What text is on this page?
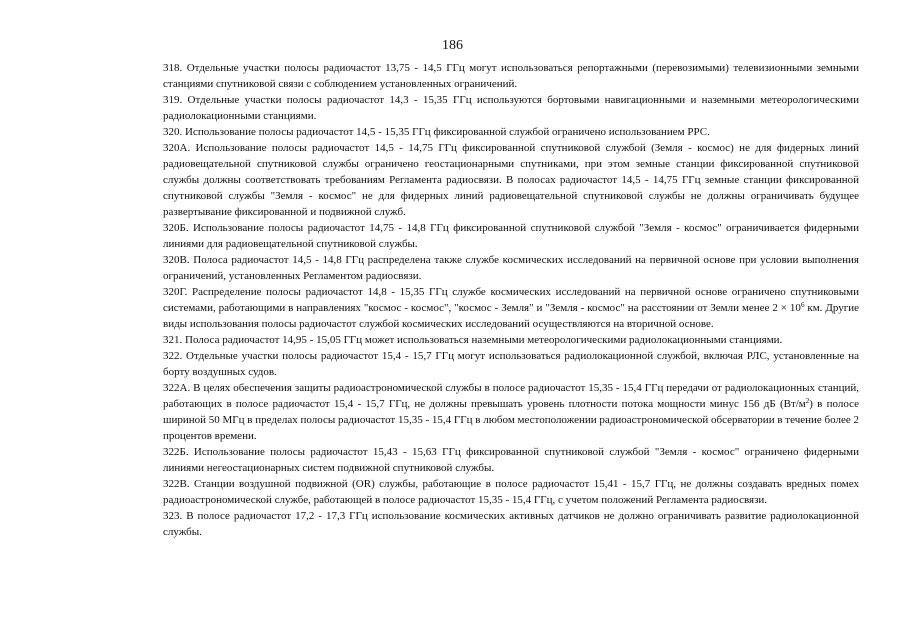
186

318. Отдельные участки полосы радиочастот 13,75 - 14,5 ГГц могут использоваться репортажными (перевозимыми) телевизионными земными станциями спутниковой связи с соблюдением установленных ограничений.

319. Отдельные участки полосы радиочастот 14,3 - 15,35 ГГц используются бортовыми навигационными и наземными метеорологическими радиолокационными станциями.

320. Использование полосы радиочастот 14,5 - 15,35 ГГц фиксированной службой ограничено использованием РРС.

320А. Использование полосы радиочастот 14,5 - 14,75 ГГц фиксированной спутниковой службой (Земля - космос) не для фидерных линий радиовещательной спутниковой службы ограничено геостационарными спутниками, при этом земные станции фиксированной спутниковой службы должны соответствовать требованиям Регламента радиосвязи. В полосах радиочастот 14,5 - 14,75 ГГц земные станции фиксированной спутниковой службы "Земля - космос" не для фидерных линий радиовещательной спутниковой службы не должны ограничивать будущее развертывание фиксированной и подвижной служб.

320Б. Использование полосы радиочастот 14,75 - 14,8 ГГц фиксированной спутниковой службой "Земля - космос" ограничивается фидерными линиями для радиовещательной спутниковой службы.

320В. Полоса радиочастот 14,5 - 14,8 ГГц распределена также службе космических исследований на первичной основе при условии выполнения ограничений, установленных Регламентом радиосвязи.

320Г. Распределение полосы радиочастот 14,8 - 15,35 ГГц службе космических исследований на первичной основе ограничено спутниковыми системами, работающими в направлениях "космос - космос", "космос - Земля" и "Земля - космос" на расстоянии от Земли менее $2 \times 10^6$ км. Другие виды использования полосы радиочастот службой космических исследований осуществляются на вторичной основе.

321. Полоса радиочастот 14,95 - 15,05 ГГц может использоваться наземными метеорологическими радиолокационными станциями.

322. Отдельные участки полосы радиочастот 15,4 - 15,7 ГГц могут использоваться радиолокационной службой, включая РЛС, установленные на борту воздушных судов.

322А. В целях обеспечения защиты радиоастрономической службы в полосе радиочастот 15,35 - 15,4 ГГц передачи от радиолокационных станций, работающих в полосе радиочастот 15,4 - 15,7 ГГц, не должны превышать уровень плотности потока мощности минус 156 дБ $(Вт/м^2)$ в полосе шириной 50 МГц в пределах полосы радиочастот 15,35 - 15,4 ГГц в любом местоположении радиоастрономической обсерватории в течение более 2 процентов времени.

322Б. Использование полосы радиочастот 15,43 - 15,63 ГГц фиксированной спутниковой службой "Земля - космос" ограничено фидерными линиями негеостационарных систем подвижной спутниковой службы.

322В. Станции воздушной подвижной (OR) службы, работающие в полосе радиочастот 15,41 - 15,7 ГГц, не должны создавать вредных помех радиоастрономической службе, работающей в полосе радиочастот 15,35 - 15,4 ГГц, с учетом положений Регламента радиосвязи.

323. В полосе радиочастот 17,2 - 17,3 ГГц использование космических активных датчиков не должно ограничивать развитие радиолокационной службы.
